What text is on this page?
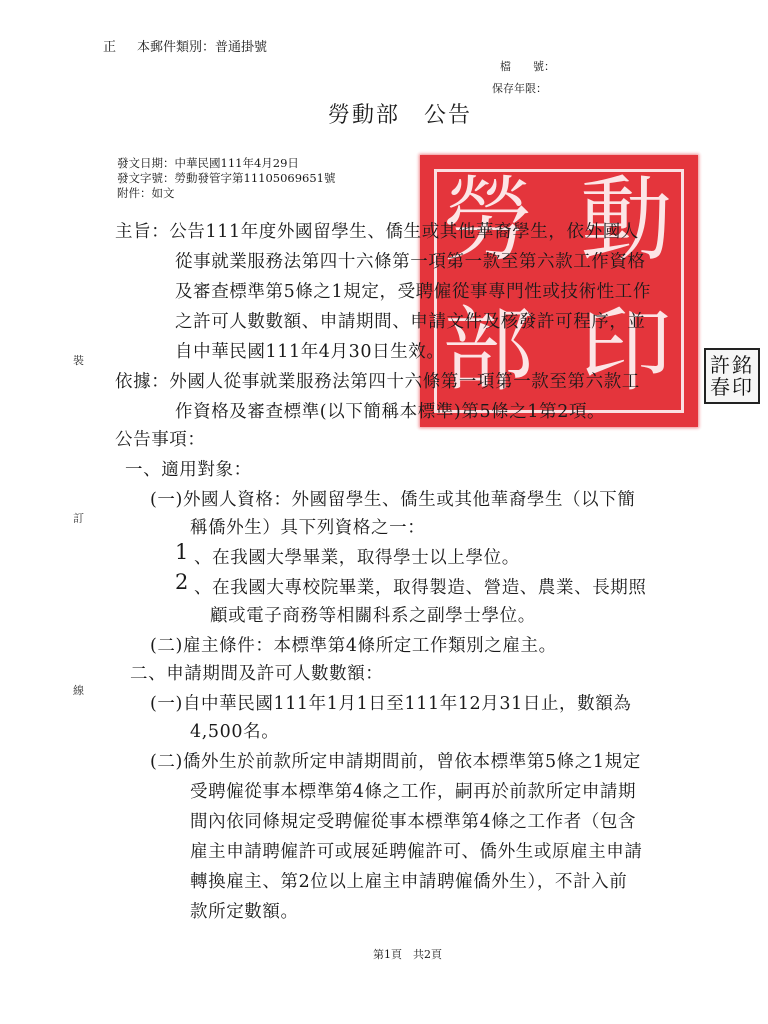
正 本郵件類別：普通掛號
檔　　號：
保存年限：
勞動部　公告
勞 動
部 印 許 銘
春 印
發文日期：中華民國111年4月29日
發文字號：勞動發管字第11105069651號
附件：如文
主旨：公告111年度外國留學生、僑生或其他華裔學生，依外國人
從事就業服務法第四十六條第一項第一款至第六款工作資格
及審查標準第5條之1規定，受聘僱從事專門性或技術性工作
之許可人數數額、申請期間、申請文件及核發許可程序，並
自中華民國111年4月30日生效。
依據：外國人從事就業服務法第四十六條第一項第一款至第六款工
作資格及審查標準(以下簡稱本標準)第5條之1第2項。
公告事項：
一、適用對象：
(一)外國人資格：外國留學生、僑生或其他華裔學生（以下簡
稱僑外生）具下列資格之一：
1 、在我國大學畢業，取得學士以上學位。
2 、在我國大專校院畢業，取得製造、營造、農業、長期照
顧或電子商務等相關科系之副學士學位。
(二)雇主條件：本標準第4條所定工作類別之雇主。
二、申請期間及許可人數數額：
(一)自中華民國111年1月1日至111年12月31日止，數額為
4,500名。
(二)僑外生於前款所定申請期間前，曾依本標準第5條之1規定
受聘僱從事本標準第4條之工作，嗣再於前款所定申請期
間內依同條規定受聘僱從事本標準第4條之工作者（包含
雇主申請聘僱許可或展延聘僱許可、僑外生或原雇主申請
轉換雇主、第2位以上雇主申請聘僱僑外生），不計入前
款所定數額。
裝
訂
線
第1頁　共2頁
